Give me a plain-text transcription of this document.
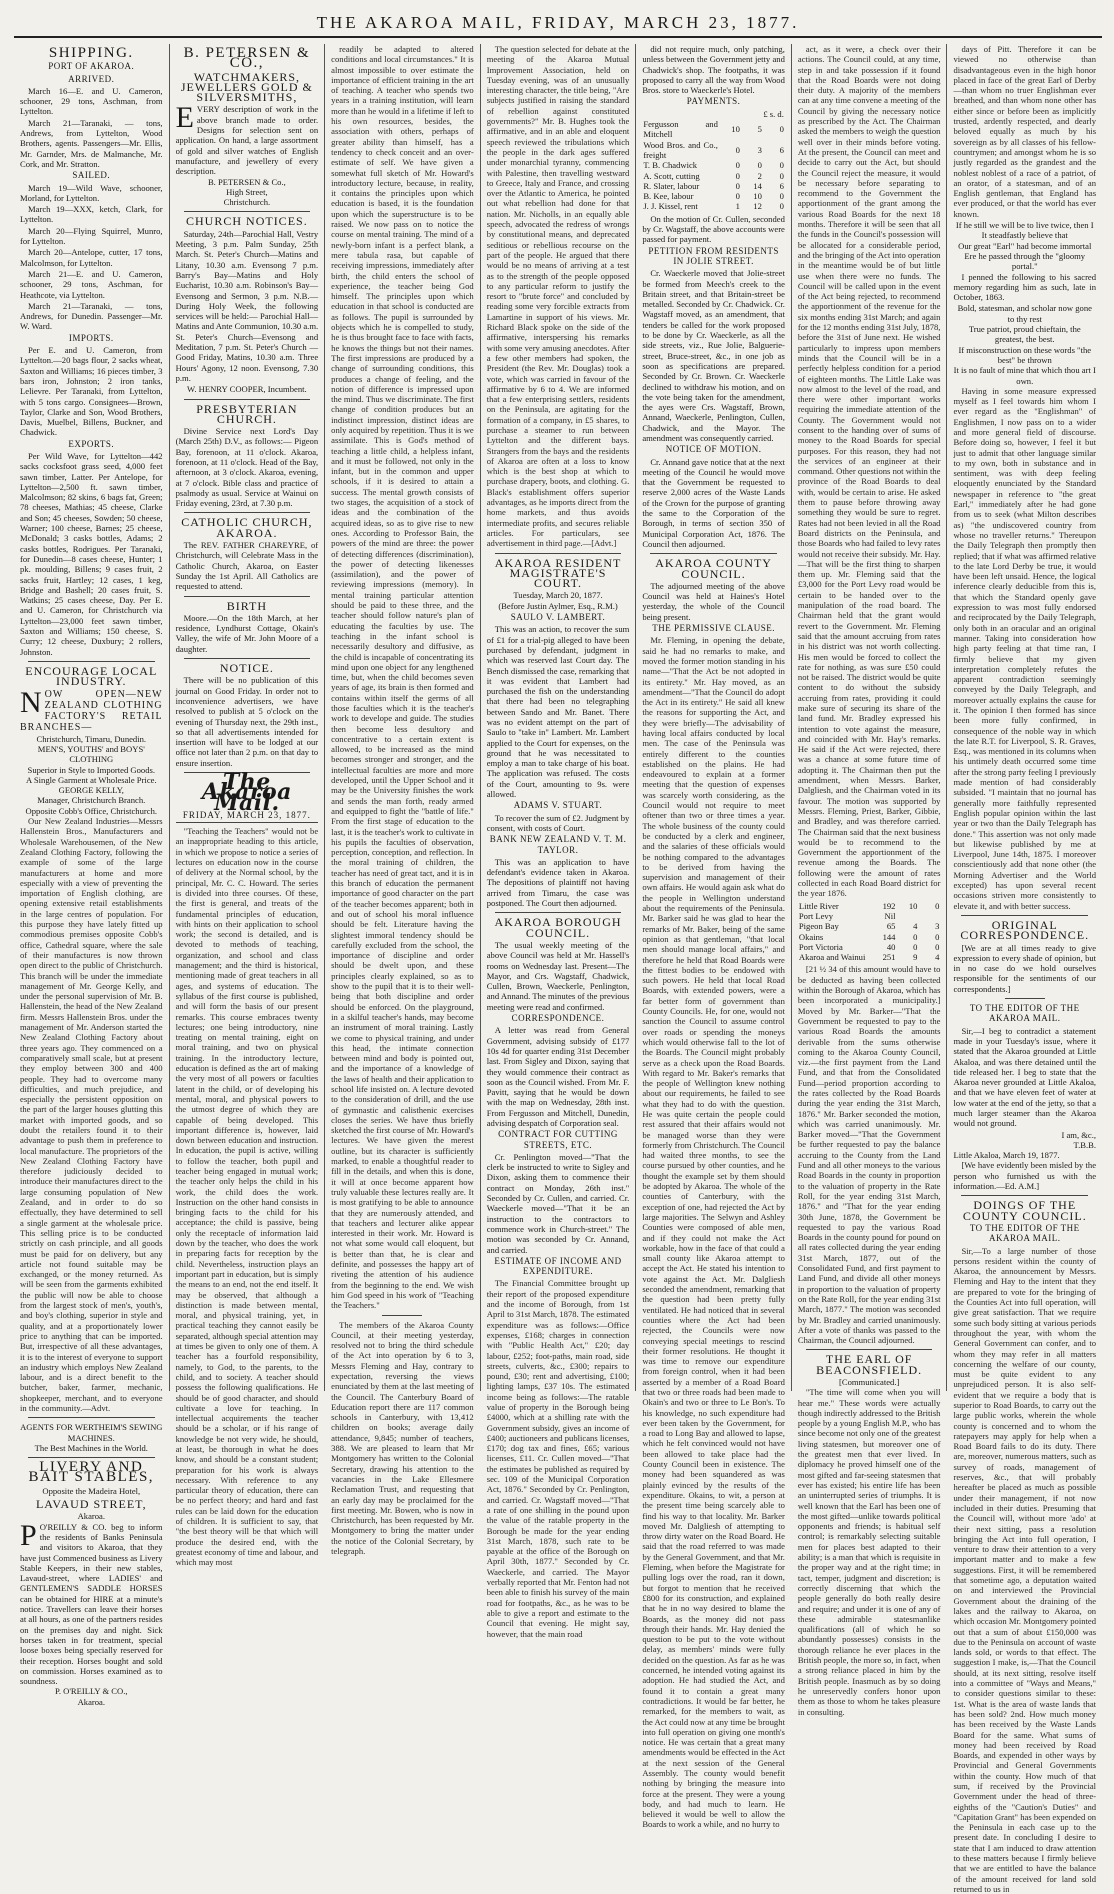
THE AKAROA MAIL, FRIDAY, MARCH 23, 1877.
SHIPPING.
PORT OF AKAROA.
ARRIVED.

March 16—E. and U. Cameron, schooner, 29 tons, Aschman, from Lyttelton.

March 21—Taranaki, — tons, Andrews, from Lyttelton, Wood Brothers, agents. Passengers—Mr. Ellis, Mr. Garnder, Mrs. de Malmanche, Mr. Cork, and Mr. Stratton.

SAILED.

March 19—Wild Wave, schooner, Morland, for Lyttelton.

March 19—XXX, ketch, Clark, for Lyttelton.

March 20—Flying Squirrel, Munro, for Lyttelton.

March 20—Antelope, cutter, 17 tons, Malcolmson, for Lyttelton.

March 21—E. and U. Cameron, schooner, 29 tons, Aschman, for Heathcote, via Lyttelton.

March 21—Taranaki, — tons, Andrews, for Dunedin. Passenger—Mr. W. Ward.

IMPORTS.

Per E. and U. Cameron, from Lyttelton.—20 bags flour, 2 sacks wheat, Saxton and Williams; 16 pieces timber, 3 bars iron, Johnston; 2 iron tanks, Lelievre. Per Taranaki, from Lyttelton, with 5 tons cargo. Consignees—Brown, Taylor, Clarke and Son, Wood Brothers, Davis, Muelbel, Billens, Buckner, and Chadwick.

EXPORTS.

Per Wild Wave, for Lyttelton—442 sacks cocksfoot grass seed, 4,000 feet sawn timber, Latter. Per Antelope, for Lyttelton—2,500 ft. sawn timber, Malcolmson; 82 skins, 6 bags fat, Green; 78 cheeses, Mathias; 45 cheese, Clarke and Son; 45 cheeses, Sowden; 50 cheese, Warner; 100 cheese, Barnes; 25 cheese, McDonald; 3 casks bottles, Adams; 2 casks bottles, Rodrigues. Per Taranaki, for Dunedin—8 cases cheese, Hunter; 1 pk. moulding, Billens; 9 cases fruit, 2 sacks fruit, Hartley; 12 cases, 1 keg, Bridge and Bashell; 20 cases fruit, S. Watkins; 25 cases cheese, Day. Per E. and U. Cameron, for Christchurch via Lyttelton—23,000 feet sawn timber, Saxton and Williams; 150 cheese, S. Curry; 12 cheese, Duxbury; 2 rollers, Johnston.

ENCOURAGE LOCAL INDUSTRY.
NOW OPEN—NEW ZEALAND CLOTHING FACTORY'S RETAIL BRANCHES—
Christchurch, Timaru, Dunedin.
MEN'S, YOUTHS' and BOYS' CLOTHING
Superior in Style to Imported Goods.
A Single Garment at Wholesale Price.
GEORGE KELLY,
Manager, Christchurch Branch.
Opposite Cobb's Office, Christchurch.

Our New Zealand Industries—Messrs Hallenstein Bros., Manufacturers and Wholesale Warehousemen, of the New Zealand Clothing Factory, following the example of some of the large manufacturers at home and more especially with a view of preventing the importation of English clothing, are opening extensive retail establishments in the large centres of population. For this purpose they have lately fitted up commodious premises opposite Cobb's office, Cathedral square, where the sale of their manufactures is now thrown open direct to the public of Christchurch. This branch will be under the immediate management of Mr. George Kelly, and under the personal supervision of Mr. B. Hallenstein, the head of the New Zealand firm. Messrs Hallenstein Bros. under the management of Mr. Anderson started the New Zealand Clothing Factory about three years ago. They commenced on a comparatively small scale, but at present they employ between 300 and 400 people. They had to overcome many difficulties, and much prejudice, and especially the persistent opposition on the part of the larger houses glutting this market with imported goods, and so doubt the retailers found it to their advantage to push them in preference to local manufacture. The proprietors of the New Zealand Clothing Factory have therefore judiciously decided to introduce their manufactures direct to the large consuming population of New Zealand, and in order to do so effectually, they have determined to sell a single garment at the wholesale price. This selling price is to be conducted strictly on cash principle, and all goods must be paid for on delivery, but any article not found suitable may be exchanged, or the money returned. As will be seen from the garments exhibited the public will now be able to choose from the largest stock of men's, youth's, and boy's clothing, superior in style and quality, and at a proportionately lower price to anything that can be imported. But, irrespective of all these advantages, it is to the interest of everyone to support an industry which employs New Zealand labour, and is a direct benefit to the butcher, baker, farmer, mechanic, shopkeeper, merchant, and to everyone in the community.—Advt.

AGENTS FOR WERTHEIM'S SEWING MACHINES.
The Best Machines in the World.
LIVERY AND BAIT STABLES,
Opposite the Madeira Hotel,
LAVAUD STREET,
Akaroa.
P O'REILLY & CO. beg to inform the residents of Banks Peninsula and visitors to Akaroa, that they have just Commenced business as Livery Stable Keepers, in their new stables, Lavaud-street, where LADIES' and GENTLEMEN'S SADDLE HORSES can be obtained for HIRE at a minute's notice. Travellers can leave their horses at all hours, as one of the partners resides on the premises day and night. Sick horses taken in for treatment, special loose boxes being specially reserved for their reception. Horses bought and sold on commission. Horses examined as to soundness.
P. O'REILLY & CO.,
Akaroa.
B. PETERSEN & CO.,
WATCHMAKERS, JEWELLERS GOLD & SILVERSMITHS,
EVERY description of work in the above branch made to order. Designs for selection sent on application. On hand, a large assortment of gold and silver watches of English manufacture, and jewellery of every description.
B. PETERSEN & Co.,
High Street,
Christchurch.
CHURCH NOTICES.

Saturday, 24th—Parochial Hall, Vestry Meeting, 3 p.m. Palm Sunday, 25th March. St. Peter's Church—Matins and Litany, 10.30 a.m. Evensong 7 p.m. Barry's Bay—Matins and Holy Eucharist, 10.30 a.m. Robinson's Bay—Evensong and Sermon, 3 p.m. N.B.—During Holy Week, the following services will be held:— Parochial Hall—Matins and Ante Communion, 10.30 a.m. St. Peter's Church—Evensong and Meditation, 7 p.m. St. Peter's Church — Good Friday, Matins, 10.30 a.m. Three Hours' Agony, 12 noon. Evensong, 7.30 p.m.

W. HENRY COOPER, Incumbent.
PRESBYTERIAN CHURCH.

Divine Service next Lord's Day (March 25th) D.V., as follows:— Pigeon Bay, forenoon, at 11 o'clock. Akaroa, forenoon, at 11 o'clock. Head of the Bay, afternoon, at 3 o'clock. Akaroa, evening, at 7 o'clock. Bible class and practice of psalmody as usual. Service at Wainui on Friday evening, 23rd, at 7.30 p.m.

CATHOLIC CHURCH, AKAROA.

The REV. FATHER CHAREYRE, of Christchurch, will Celebrate Mass in the Catholic Church, Akaroa, on Easter Sunday the 1st April. All Catholics are requested to attend.

BIRTH

Moore.—On the 18th March, at her residence, Lyndhurst Cottage, Okain's Valley, the wife of Mr. John Moore of a daughter.

NOTICE.

There will be no publication of this journal on Good Friday. In order not to inconvenience advertisers, we have resolved to publish at 5 o'clock on the evening of Thursday next, the 29th inst., so that all advertisements intended for insertion will have to be lodged at our office not later than 2 p.m. on that day to ensure insertion.

The Akaroa Mail.
FRIDAY, MARCH 23, 1877.

"Teaching the Teachers" would not be an inappropriate heading to this article, in which we propose to notice a series of lectures on education now in the course of delivery at the Normal school, by the principal, Mr. C. C. Howard. The series is divided into three courses. Of these, the first is general, and treats of the fundamental principles of education, with hints on their application to school work; the second is detailed, and is devoted to methods of teaching, organization, and school and class management; and the third is historical, mentioning made of great teachers in all ages, and systems of education. The syllabus of the first course is published, and will form the basis of our present remarks. This course embraces twenty lectures; one being introductory, nine treating on mental training, eight on moral training, and two on physical training. In the introductory lecture, education is defined as the art of making the very most of all powers or faculties latent in the child, or of developing his mental, moral, and physical powers to the utmost degree of which they are capable of being developed. This important difference is, however, laid down between education and instruction. In education, the pupil is active, willing to follow the teacher, both pupil and teacher being engaged in mutual work; the teacher only helps the child in his work, the child does the work. Instruction on the other hand consists in bringing facts to the child for his acceptance; the child is passive, being only the receptacle of information laid down by the teacher, who does the work in preparing facts for reception by the child. Nevertheless, instruction plays an important part in education, but is simply the means to an end, not the end itself. It may be observed, that although a distinction is made between mental, moral, and physical training, yet, in practical teaching they cannot easily be separated, although special attention may at times be given to only one of them. A teacher has a fourfold responsibility, namely, to God, to the parents, to the child, and to society. A teacher should possess the following qualifications. He should be of good character, and should cultivate a love for teaching. In intellectual acquirements the teacher should be a scholar, or if his range of knowledge be not very wide, he should, at least, be thorough in what he does know, and should be a constant student; preparation for his work is always necessary. With reference to any particular theory of education, there can be no perfect theory; and hard and fast rules can be laid down for the education of children. It is sufficient to say, that "the best theory will be that which will produce the desired end, with the greatest economy of time and labour, and which may most

readily be adapted to altered conditions and local circumstances." It is almost impossible to over estimate the importance of efficient training in the art of teaching. A teacher who spends two years in a training institution, will learn more than he would in a lifetime if left to his own resources, besides, the association with others, perhaps of greater ability than himself, has a tendency to check conceit and an over-estimate of self. We have given a somewhat full sketch of Mr. Howard's introductory lecture, because, in reality, it contains the principles upon which education is based, it is the foundation upon which the superstructure is to be raised. We now pass on to notice the course on mental training. The mind of a newly-born infant is a perfect blank, a mere tabula rasa, but capable of receiving impressions, immediately after birth, the child enters the school of experience, the teacher being God himself. The principles upon which education in that school is conducted are as follows. The pupil is surrounded by objects which he is compelled to study, he is thus brought face to face with facts, he knows the things but not their names. The first impressions are produced by a change of surrounding conditions, this produces a change of feeling, and the notion of difference is impressed upon the mind. Thus we discriminate. The first change of condition produces but an indistinct impression, distinct ideas are only acquired by repetition. Thus it is we assimilate. This is God's method of teaching a little child, a helpless infant, and it must be followed, not only in the infant, but in the common and upper schools, if it is desired to attain a success. The mental growth consists of two stages, the acquisition of a stock of ideas and the combination of the acquired ideas, so as to give rise to new ones. According to Professor Bain, the powers of the mind are three: the power of detecting differences (discrimination), the power of detecting likenesses (assimilation), and the power of reviewing impressions (memory). In mental training particular attention should be paid to these three, and the teacher should follow nature's plan of educating the faculties by use. The teaching in the infant school is necessarily desultory and diffusive, as the child is incapable of concentrating its mind upon one object for any lengthened time, but, when the child becomes seven years of age, its brain is then formed and contains within itself the germs of all those faculties which it is the teacher's work to develope and guide. The studies then become less desultory and concentrative to a certain extent is allowed, to be increased as the mind becomes stronger and stronger, and the intellectual faculties are more and more developed, until the Upper School and it may be the University finishes the work and sends the man forth, ready armed and equipped to fight the "battle of life." From the first stage of education to the last, it is the teacher's work to cultivate in his pupils the faculties of observation, perception, conception, and reflection. In the moral training of children, the teacher has need of great tact, and it is in this branch of education the permanent importance of good character on the part of the teacher becomes apparent; both in and out of school his moral influence should be felt. Literature having the slightest immoral tendency should be carefully excluded from the school, the importance of discipline and order should be dwelt upon, and these principles clearly explained, so as to show to the pupil that it is to their well-being that both discipline and order should be enforced. On the playground, in a skilful teacher's hands, may become an instrument of moral training. Lastly we come to physical training, and under this head, the intimate connection between mind and body is pointed out, and the importance of a knowledge of the laws of health and their application to school life insisted on. A lecture devoted to the consideration of drill, and the use of gymnastic and calisthenic exercises closes the series. We have thus briefly sketched the first course of Mr. Howard's lectures. We have given the merest outline, but its character is sufficiently marked, to enable a thoughtful reader to fill in the details, and when this is done, it will at once become apparent how truly valuable these lectures really are. It is most gratifying to be able to announce that they are numerously attended, and that teachers and lecturer alike appear interested in their work. Mr. Howard is not what some would call eloquent, but is better than that, he is clear and definite, and possesses the happy art of riveting the attention of his audience from the beginning to the end. We wish him God speed in his work of "Teaching the Teachers."

The members of the Akaroa County Council, at their meeting yesterday, resolved not to bring the third schedule of the Act into operation by 6 to 3, Messrs Fleming and Hay, contrary to expectation, reversing the views enunciated by them at the last meeting of the Council. The Canterbury Board of Education report there are 117 common schools in Canterbury, with 13,412 children on books; average daily attendance, 9,845; number of teachers, 388. We are pleased to learn that Mr Montgomery has written to the Colonial Secretary, drawing his attention to the vacancies in the Lake Ellesmere Reclamation Trust, and requesting that an early day may be proclaimed for the first meeting. Mr. Bowen, who is now in Christchurch, has been requested by Mr. Montgomery to bring the matter under the notice of the Colonial Secretary, by telegraph.

The question selected for debate at the meeting of the Akaroa Mutual Improvement Association, held on Tuesday evening, was of an unusually interesting character, the title being, "Are subjects justified in raising the standard of rebellion against constituted governments?" Mr. B. Hughes took the affirmative, and in an able and eloquent speech reviewed the tribulations which the people in the dark ages suffered under monarchial tyranny, commencing with Palestine, then travelling westward to Greece, Italy and France, and crossing over the Atlantic to America, he pointed out what rebellion had done for that nation. Mr. Nicholls, in an equally able speech, advocated the redress of wrongs by constitutional means, and deprecated seditious or rebellious recourse on the part of the people. He argued that there would be no means of arriving at a test as to the strength of the people opposed to any particular reform to justify the resort to "brute force" and concluded by reading some very forcible extracts from Lamartine in support of his views. Mr. Richard Black spoke on the side of the affirmative, interspersing his remarks with some very amusing anecdotes. After a few other members had spoken, the President (the Rev. Mr. Douglas) took a vote, which was carried in favour of the affirmative by 6 to 4. We are informed that a few enterprising settlers, residents on the Peninsula, are agitating for the formation of a company, in £5 shares, to purchase a steamer to run between Lyttelton and the different bays. Strangers from the bays and the residents of Akaroa are often at a loss to know which is the best shop at which to purchase drapery, boots, and clothing. G. Black's establishment offers superior advantages, as he imports direct from the home markets, and thus avoids intermediate profits, and secures reliable articles. For particulars, see advertisement in third page.—[Advt.]

AKAROA RESIDENT MAGISTRATE'S COURT.
Tuesday, March 20, 1877.
(Before Justin Aylmer, Esq., R.M.)
SAULO V. LAMBERT.

This was an action, to recover the sum of £1 for a trial-pig alleged to have been purchased by defendant, judgment in which was reserved last Court day. The Bench dismissed the case, remarking that it was evident that Lambert had purchased the fish on the understanding that there had been no telegraphing between Sando and Mr. Banet. There was no evident attempt on the part of Saulo to "take in" Lambert. Mr. Lambert applied to the Court for expenses, on the ground that he was necessitated to employ a man to take charge of his boat. The application was refused. The costs of the Court, amounting to 9s. were allowed.

ADAMS V. STUART.

To recover the sum of £2. Judgment by consent, with costs of Court.

BANK NEW ZEALAND V. T. M. TAYLOR.

This was an application to have defendant's evidence taken in Akaroa. The depositions of plaintiff not having arrived from Timaru, the case was postponed. The Court then adjourned.

AKAROA BOROUGH COUNCIL.

The usual weekly meeting of the above Council was held at Mr. Hassell's rooms on Wednesday last. Present—The Mayor, and Crs. Wagstaff, Chadwick, Cullen, Brown, Waeckerle, Penlington, and Annand. The minutes of the previous meeting were read and confirmed.

CORRESPONDENCE.

A letter was read from General Government, advising subsidy of £177 10s 4d for quarter ending 31st December last. From Sigley and Dixon, saying that they would commence their contract as soon as the Council wished. From Mr. F. Pavitt, saying that he would be down with the map on Wednesday, 28th inst. From Fergusson and Mitchell, Dunedin, advising despatch of Corporation seal.

CONTRACT FOR CUTTING STREETS, ETC.

Cr. Penlington moved—"That the clerk be instructed to write to Sigley and Dixon, asking them to commence their contract on Monday, 26th inst." Seconded by Cr. Cullen, and carried. Cr. Waeckerle moved—"That it be an instruction to the contractors to commence work in Church-street." The motion was seconded by Cr. Annand, and carried.

ESTIMATE OF INCOME AND EXPENDITURE.

The Financial Committee brought up their report of the proposed expenditure and the income of Borough, from 1st April to 31st March, 1878. The estimated expenditure was as follows:—Office expenses, £168; charges in connection with "Public Health Act," £20; day labour, £252; foot-paths, main road, side streets, culverts, &c., £300; repairs to pound, £30; rent and advertising, £100; lighting lamps, £37 10s. The estimated income being as follows:—The ratable value of property in the Borough being £4000, which at a shilling rate with the Government subsidy, gives an income of £400; auctioneers and publicans licenses, £170; dog tax and fines, £65; various licenses, £11. Cr. Cullen moved—"That the estimates be published as required by sec. 109 of the Municipal Corporation Act, 1876." Seconded by Cr. Penlington, and carried. Cr. Wagstaff moved—"That a rate of one shilling in the pound upon the value of the ratable property in the Borough be made for the year ending 31st March, 1878, such rate to be payable at the office of the Borough on April 30th, 1877." Seconded by Cr. Waeckerle, and carried. The Mayor verbally reported that Mr. Fenton had not been able to finish his survey of the main road for footpaths, &c., as he was to be able to give a report and estimate to the Council that evening. He might say, however, that the main road

did not require much, only patching, unless between the Government jetty and Chadwick's shop. The footpaths, it was proposed to carry all the way from Wood Bros. store to Waeckerle's Hotel.

PAYMENTS.
	£ s. d.		
Fergusson and Mitchell	10	5	0
Wood Bros. and Co., freight	0	3	6
T. B. Chadwick	0	0	0
A. Scott, cutting	0	2	0
R. Slater, labour	0	14	6
B. Kee, labour	0	10	0
J. J. Kissel, rent	1	12	0

On the motion of Cr. Cullen, seconded by Cr. Wagstaff, the above accounts were passed for payment.

PETITION FROM RESIDENTS IN JOLIE STREET.

Cr. Waeckerle moved that Jolie-street be formed from Meech's creek to the Britain street, and that Britain-street be metalled. Seconded by Cr. Chadwick. Cr. Wagstaff moved, as an amendment, that tenders be called for the work proposed to be done by Cr. Waeckerle, as all the side streets, viz., Rue Jolie, Balguerie-street, Bruce-street, &c., in one job as soon as specifications are prepared. Seconded by Cr. Brown. Cr. Waeckerle declined to withdraw his motion, and on the vote being taken for the amendment, the ayes were Crs. Wagstaff, Brown, Annand, Waeckerle, Penlington, Cullen, Chadwick, and the Mayor. The amendment was consequently carried.

NOTICE OF MOTION.

Cr. Annand gave notice that at the next meeting of the Council he would move that the Government be requested to reserve 2,000 acres of the Waste Lands of the Crown for the purpose of granting the same to the Corporation of the Borough, in terms of section 350 of Municipal Corporation Act, 1876. The Council then adjourned.

AKAROA COUNTY COUNCIL.

The adjourned meeting of the above Council was held at Haines's Hotel yesterday, the whole of the Council being present.

THE PERMISSIVE CLAUSE.

Mr. Fleming, in opening the debate, said he had no remarks to make, and moved the former motion standing in his name—"That the Act be not adopted in its entirety." Mr. Hay moved, as an amendment—"That the Council do adopt the Act in its entirety." He said all knew the reasons for supporting the Act, and they were briefly—The advisability of having local affairs conducted by local men. The case of the Peninsula was entirely different to the counties established on the plains. He had endeavoured to explain at a former meeting that the question of expenses was scarcely worth considering, as the Council would not require to meet oftener than two or three times a year. The whole business of the county could be conducted by a clerk and engineer, and the salaries of these officials would be nothing compared to the advantages to be derived from having the supervision and management of their own affairs. He would again ask what do the people in Wellington understand about the requirements of the Peninsula. Mr. Barker said he was glad to hear the remarks of Mr. Baker, being of the same opinion as that gentleman, "that local men should manage local affairs," and therefore he held that Road Boards were the fittest bodies to be endowed with such powers. He held that local Road Boards, with extended powers, were a far better form of government than County Councils. He, for one, would not sanction the Council to assume control over roads or spending the moneys which would otherwise fall to the lot of the Boards. The Council might probably serve as a check upon the Road Boards. With regard to Mr. Baker's remarks that the people of Wellington knew nothing about our requirements, he failed to see what they had to do with the question. He was quite certain the people could rest assured that their affairs would not be managed worse than they were formerly from Christchurch. The Council had waited three months, to see the course pursued by other counties, and he thought the example set by them should be adopted by Akaroa. The whole of the counties of Canterbury, with the exception of one, had rejected the Act by large majorities. The Selwyn and Ashley Counties were composed of able men, and if they could not make the Act workable, how in the face of that could a small county like Akaroa attempt to accept the Act. He stated his intention to vote against the Act. Mr. Dalgliesh seconded the amendment, remarking that the question had been pretty fully ventilated. He had noticed that in several counties where the Act had been rejected, the Councils were now conveying special meetings to rescind their former resolutions. He thought it was time to remove our expenditure from foreign control, when it had been asserted by a member of a Road Board that two or three roads had been made to Okain's and two or three to Le Bon's. To his knowledge, no such expenditure had ever been taken by the Government, for a road to Long Bay and allowed to lapse, which he felt convinced would not have been allowed to take place had the County Council been in existence. The money had been squandered as was plainly evinced by the results of the expenditure. Okains, to wit, a person at the present time being scarcely able to find his way to that locality. Mr. Barker moved Mr. Dalgliesh of attempting to throw dirty water on the Road Board. He said that the road referred to was made by the General Government, and that Mr. Fleming, when before the Magistrate for pulling logs over the road, ran it down, but forgot to mention that he received £800 for its construction, and explained that he in no way desired to blame the Boards, as the money did not pass through their hands. Mr. Hay denied the question to be put to the vote without delay, as members' minds were fully decided on the question. As far as he was concerned, he intended voting against its adoption. He had studied the Act, and found it to contain a great many contradictions. It would be far better, he remarked, for the members to wait, as the Act could now at any time be brought into full operation on giving one month's notice. He was certain that a great many amendments would be effected in the Act at the next session of the General Assembly. The county would benefit nothing by bringing the measure into force at the present. They were a young body, and had much to learn. He believed it would be well to allow the Boards to work a while, and no hurry to

act, as it were, a check over their actions. The Council could, at any time, step in and take possession if it found that the Road Boards were not doing their duty. A majority of the members can at any time convene a meeting of the Council by giving the necessary notice as prescribed by the Act. The Chairman asked the members to weigh the question well over in their minds before voting. At the present, the Council can meet and decide to carry out the Act, but should the Council reject the measure, it would be necessary before separating to recommend to the Government the apportionment of the grant among the various Road Boards for the next 18 months. Therefore it will be seen that all the funds in the Council's possession will be allocated for a considerable period, and the bringing of the Act into operation in the meantime would be of but little use when there were no funds. The Council will be called upon in the event of the Act being rejected, to recommend the apportionment of the revenue for the six months ending 31st March; and again for the 12 months ending 31st July, 1878, before the 31st of June next. He wished particularly to impress upon members minds that the Council will be in a perfectly helpless condition for a period of eighteen months. The Little Lake was now almost to the level of the road, and there were other important works requiring the immediate attention of the County. The Government would not consent to the handing over of sums of money to the Road Boards for special purposes. For this reason, they had not the services of an engineer at their command. Other questions not within the province of the Road Boards to deal with, would be certain to arise. He asked them to pause before throwing away something they would be sure to regret. Rates had not been levied in all the Road Board districts on the Peninsula, and those Boards who had failed to levy rates would not receive their subsidy. Mr. Hay.—That will be the first thing to sharpen them up. Mr. Fleming said that the £3,000 for the Port Levy road would be certain to be handed over to the manipulation of the road board. The Chairman held that the grant would revert to the Government. Mr. Fleming said that the amount accruing from rates in his district was not worth collecting. His men would be forced to collect the rate for nothing, as was sure £50 could not be raised. The district would be quite content to do without the subsidy accruing from rates, providing it could make sure of securing its share of the land fund. Mr. Bradley expressed his intention to vote against the measure, and coincided with Mr. Hay's remarks. He said if the Act were rejected, there was a chance at some future time of adopting it. The Chairman then put the amendment, when Messrs. Barker, Dalgliesh, and the Chairman voted in its favour. The motion was supported by Messrs. Fleming, Priest, Barker, Gibbie, and Bradley, and was therefore carried. The Chairman said that the next business would be to recommend to the Government the apportionment of the revenue among the Boards. The following were the amount of rates collected in each Road Board district for the year 1876.

Little River	192	10	0
Port Levy	Nil		
Pigeon Bay	65	4	3
Okains	144	0	0
Port Victoria	40	0	0
Akaroa and Wainui	251	9	4

[21 ½ 34 of this amount would have to be deducted as having been collected within the Borough of Akaroa, which has been incorporated a municipality.] Moved by Mr. Barker—"That the Government be requested to pay to the various Road Boards the amounts derivable from the sums otherwise coming to the Akaroa County Council, viz.—the first payment from the Land Fund, and that from the Consolidated Fund—period proportion according to the rates collected by the Road Boards during the year ending the 31st March, 1876." Mr. Barker seconded the motion, which was carried unanimously. Mr. Barker moved—"That the Government be further requested to pay the balance accruing to the County from the Land Fund and all other moneys to the various Road Boards in the county in proportion to the valuation of property in the Rate Roll, for the year ending 31st March, 1876." and "That for the year ending 30th June, 1878, the Government be requested to pay the various Road Boards in the county pound for pound on all rates collected during the year ending 31st March, 1877, out of the Consolidated Fund, and first payment to Land Fund, and divide all other moneys in proportion to the valuation of property on the Rate Roll, for the year ending 31st March, 1877." The motion was seconded by Mr. Bradley and carried unanimously. After a vote of thanks was passed to the Chairman, the Council adjourned.

THE EARL OF BEACONSFIELD.
[Communicated.]

"The time will come when you will hear me." These words were actually though indirectly addressed to the British people by a young English M.P., who has since become not only one of the greatest living statesmen, but moreover one of the greatest men that ever lived. In diplomacy he proved himself one of the most gifted and far-seeing statesmen that ever has existed; his entire life has been an uninterrupted series of triumphs. It is well known that the Earl has been one of the most gifted—unlike towards political opponents and friends; is habitual self control; is remarkably selecting suitable men for places best adapted to their ability; is a man that which is requisite in the proper way and at the right time; in tact, temper, judgment and discretion; is correctly discerning that which the people generally do both really desire and require; and under it is one of any of these admirable statesmanlike qualifications (all of which he so abundantly possesses) consists in the thorough reliance he ever places in the British people, the more so, in fact, when a strong reliance placed in him by the British people. Inasmuch as by so doing he unreservedly confers honor upon them as those to whom he takes pleasure in consulting.

days of Pitt. Therefore it can be viewed no otherwise than disadvantageous even in the high honor placed in face of the great Earl of Derby—than whom no truer Englishman ever breathed, and than whom none other has either since or before been as implicitly trusted, ardently respected, and dearly beloved equally as much by his sovereign as by all classes of his fellow-countrymen; and amongst whom he is so justly regarded as the grandest and the noblest noblest of a race of a patriot, of an orator, of a statesman, and of an English gentleman, that England has ever produced, or that the world has ever known.

If he still we will be to live twice, then I
It steadfastly believe that
Our great "Earl" had become immortal
Ere he passed through the "gloomy portal."

I penned the following to his sacred memory regarding him as such, late in October, 1863.

Bold, statesman, and scholar now gone to thy rest
True patriot, proud chieftain, the greatest, the best.
If misconstruction on these words "the best" be thrown
It is no fault of mine that which thou art I own.

Having in some measure expressed myself as I feel towards him whom I ever regard as the "Englishman" of Englishmen, I now pass on to a wider and more general field of discourse. Before doing so, however, I feel it but just to admit that other language similar to my own, both in substance and in sentiment, was with deep feeling eloquently enunciated by the Standard newspaper in reference to "the great Earl," immediately after he had gone from us to seek (what Milton describes as) "the undiscovered country from whose no traveller returns." Thereupon the Daily Telegraph then promptly then replied; that if what was affirmed relative to the late Lord Derby be true, it would have been left unsaid. Hence, the logical inference clearly deducible from this is, that which the Standard openly gave expression to was most fully endorsed and reciprocated by the Daily Telegraph, only both in an oracular and an original manner. Taking into consideration how high party feeling at that time ran, I firmly believe that my given interpretation completely refutes the apparent contradiction seemingly conveyed by the Daily Telegraph, and moreover actually explains the cause for it. The opinion I then formed has since been more fully confirmed, in consequence of the noble way in which the late R.T. for Liverpool, S. R. Graves, Esq., was mentioned in its columns when his untimely death occurred some time after the strong party feeling I previously made mention of had considerably subsided. "I maintain that no journal has generally more faithfully represented English popular opinion within the last year or two than the Daily Telegraph has done." This assertion was not only made but likewise published by me at Liverpool, June 14th, 1875. I moreover conscientiously add that none other (the Morning Advertiser and the World excepted) has upon several recent occasions striven more consistently to elevate it, and with better success.

ORIGINAL CORRESPONDENCE.

[We are at all times ready to give expression to every shade of opinion, but in no case do we hold ourselves responsible for the sentiments of our correspondents.]

TO THE EDITOR OF THE AKAROA MAIL.

Sir,—I beg to contradict a statement made in your Tuesday's issue, where it stated that the Akaroa grounded at Little Akaloa, and was there detained until the tide released her. I beg to state that the Akaroa never grounded at Little Akaloa, and that we have eleven feet of water at low water at the end of the jetty, so that a much larger steamer than the Akaroa would not ground.

I am, &c.,
T.B.B.
Little Akaloa, March 19, 1877.

[We have evidently been misled by the person who furnished us with the information.—Ed. A.M.]

DOINGS OF THE COUNTY COUNCIL.
TO THE EDITOR OF THE AKAROA MAIL.

Sir,—To a large number of those persons resident within the county of Akaroa, the announcement by Messrs. Fleming and Hay to the intent that they are prepared to vote for the bringing of the Counties Act into full operation, will give great satisfaction. That we require some such body sitting at various periods throughout the year, with whom the General Government can confer, and to whom they may refer in all matters concerning the welfare of our county, must be quite evident to any unprejudiced person. It is also self-evident that we require a body that is superior to Road Boards, to carry out the large public works, wherein the whole county is concerned and to whom the ratepayers may apply for help when a Road Board fails to do its duty. There are, moreover, numerous matters, such as survey of roads, management of reserves, &c., that will probably hereafter be placed as much as possible under their management, if not now included in their duties. Presuming that the Council will, without more 'ado' at their next sitting, pass a resolution bringing the Act into full operation, I venture to draw their attention to a very important matter and to make a few suggestions. First, it will be remembered that sometime ago, a deputation waited on and interviewed the Provincial Government about the draining of the lakes and the railway to Akaroa, on which occasion Mr. Montgomery pointed out that a sum of about £150,000 was due to the Peninsula on account of waste lands sold, or words to that effect. The suggestion I make, is,—That the Council should, at its next sitting, resolve itself into a committee of "Ways and Means," to consider questions similar to these: 1st. What is the area of waste lands that has been sold? 2nd. How much money has been received by the Waste Lands Board for the same. What sums of money had been received by Road Boards, and expended in other ways by Provincial and General Governments within the county. How much of that sum, if received by the Provincial Government under the head of three-eighths of the "Caution's Duties" and "Capitation Grant" has been expended on the Peninsula in each case up to the present date. In concluding I desire to state that I am induced to draw attention to these matters because I firmly believe that we are entitled to have the balance of the amount received for land sold returned to us in
